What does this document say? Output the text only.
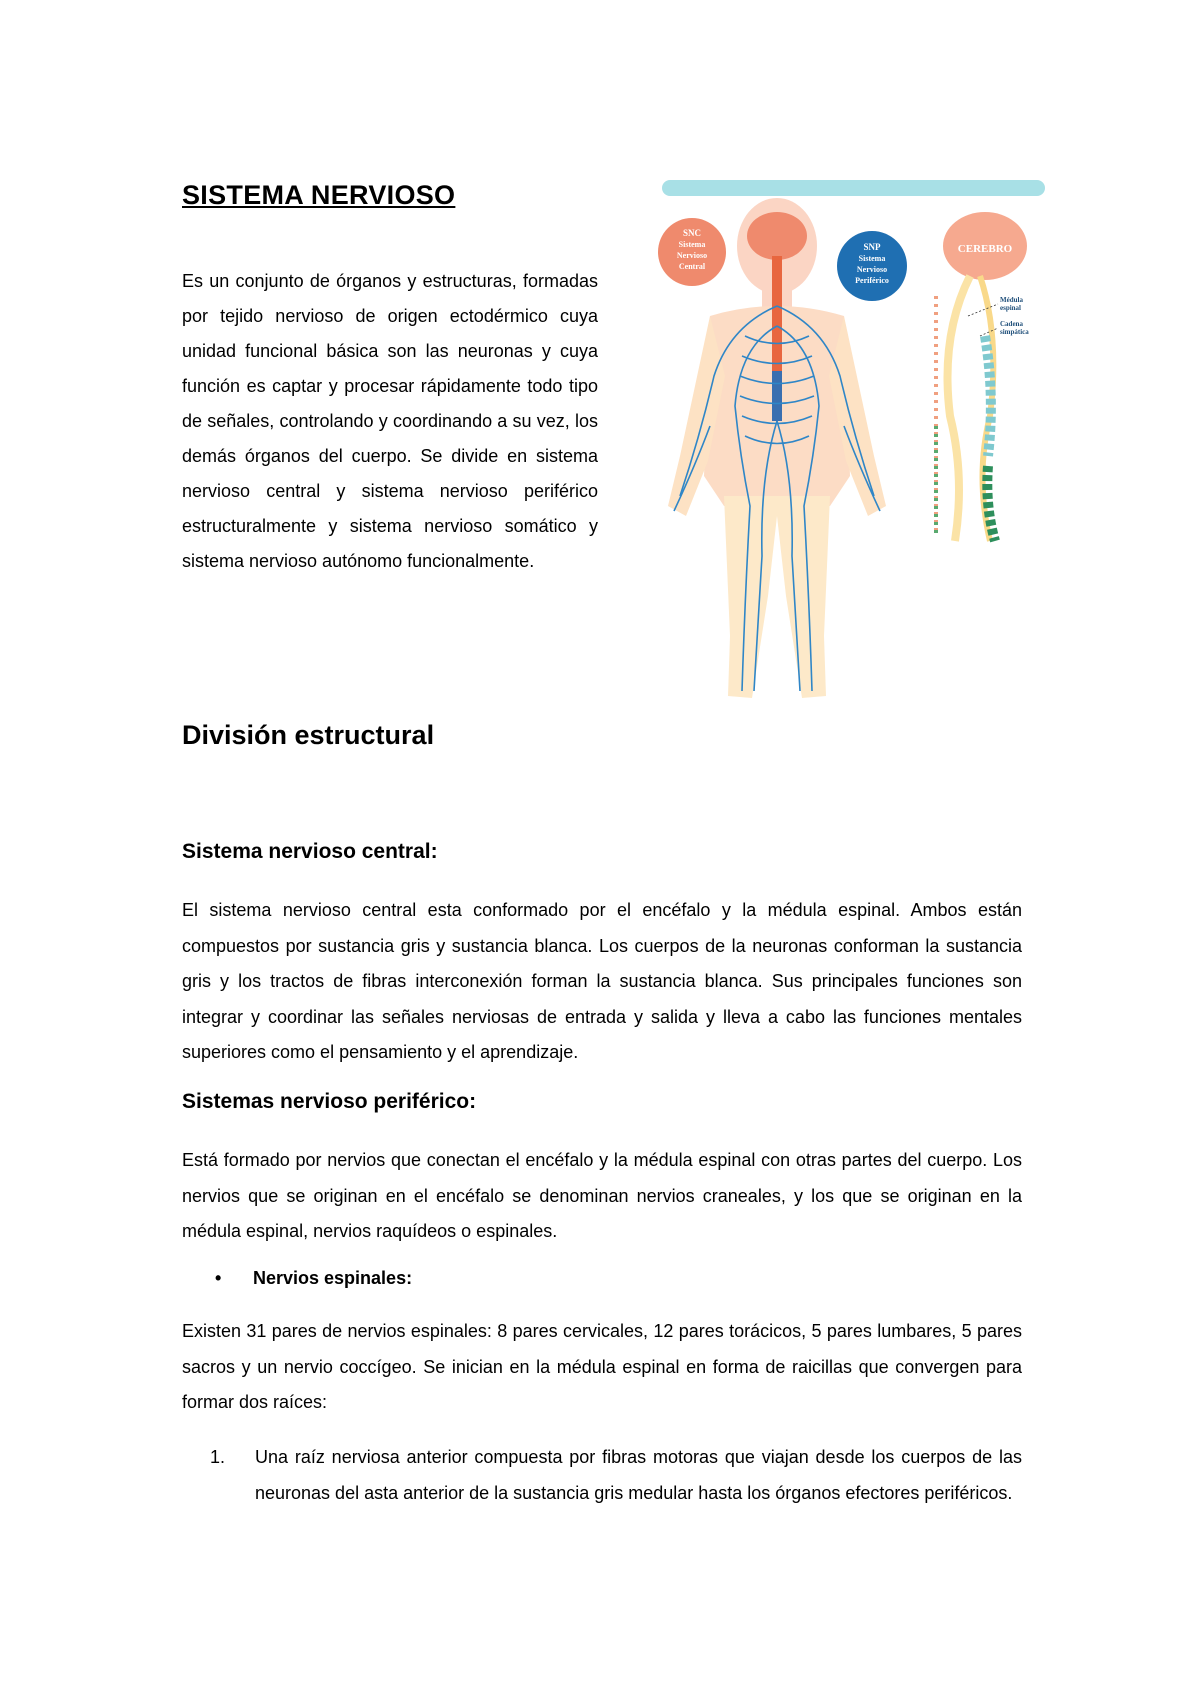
SISTEMA NERVIOSO

Es un conjunto de órganos y estructuras, formadas por tejido nervioso de origen ectodérmico cuya unidad funcional básica son las neuronas y cuya función es captar y procesar rápidamente todo tipo de señales, controlando y coordinando a su vez, los demás órganos del cuerpo. Se divide en sistema nervioso central y sistema nervioso periférico estructuralmente y sistema nervioso somático y sistema nervioso autónomo funcionalmente.

SNC
Sistema
Nervioso
Central
SNP
Sistema
Nervioso
Periférico
CEREBRO
Médula
espinal
Cadena
simpática
División estructural
Sistema nervioso central:

El sistema nervioso central esta conformado por el encéfalo y la médula espinal. Ambos están compuestos por sustancia gris y sustancia blanca. Los cuerpos de la neuronas conforman la sustancia gris y los tractos de fibras interconexión forman la sustancia blanca. Sus principales funciones son integrar y coordinar las señales nerviosas de entrada y salida y lleva a cabo las funciones mentales superiores como el pensamiento y el aprendizaje.

Sistemas nervioso periférico:

Está formado por nervios que conectan el encéfalo y la médula espinal con otras partes del cuerpo. Los nervios que se originan en el encéfalo se denominan nervios craneales, y los que se originan en la médula espinal, nervios raquídeos o espinales.

•	Nervios espinales:

Existen 31 pares de nervios espinales: 8 pares cervicales, 12 pares torácicos, 5 pares lumbares, 5 pares sacros y un nervio coccígeo. Se inician en la médula espinal en forma de raicillas que convergen para formar dos raíces:

1.	Una raíz nerviosa anterior compuesta por fibras motoras que viajan desde los cuerpos de las neuronas del asta anterior de la sustancia gris medular hasta los órganos efectores periféricos.
